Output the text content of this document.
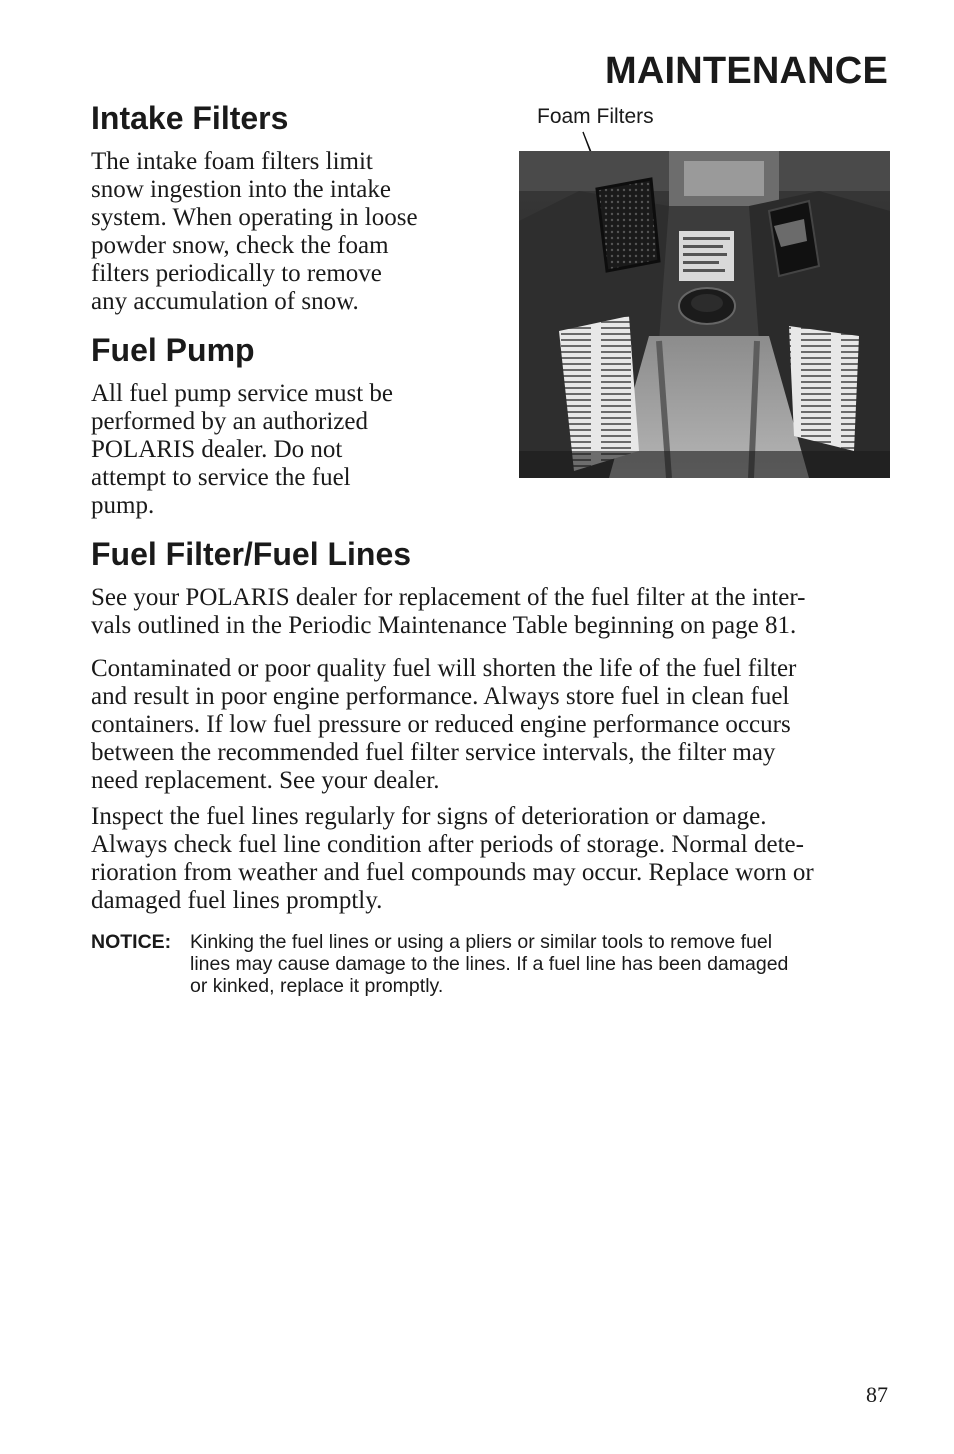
MAINTENANCE
Intake Filters

The intake foam filters limit
snow ingestion into the intake
system. When operating in loose
powder snow, check the foam
filters periodically to remove
any accumulation of snow.

Foam Filters
Fuel Pump

All fuel pump service must be
performed by an authorized
POLARIS dealer. Do not
attempt to service the fuel
pump.

Fuel Filter/Fuel Lines

See your POLARIS dealer for replacement of the fuel filter at the inter-
vals outlined in the Periodic Maintenance Table beginning on page 81.

Contaminated or poor quality fuel will shorten the life of the fuel filter
and result in poor engine performance. Always store fuel in clean fuel
containers. If low fuel pressure or reduced engine performance occurs
between the recommended fuel filter service intervals, the filter may
need replacement. See your dealer.

Inspect the fuel lines regularly for signs of deterioration or damage.
Always check fuel line condition after periods of storage. Normal dete-
rioration from weather and fuel compounds may occur. Replace worn or
damaged fuel lines promptly.

NOTICE: Kinking the fuel lines or using a pliers or similar tools to remove fuel
lines may cause damage to the lines. If a fuel line has been damaged
or kinked, replace it promptly.
87
